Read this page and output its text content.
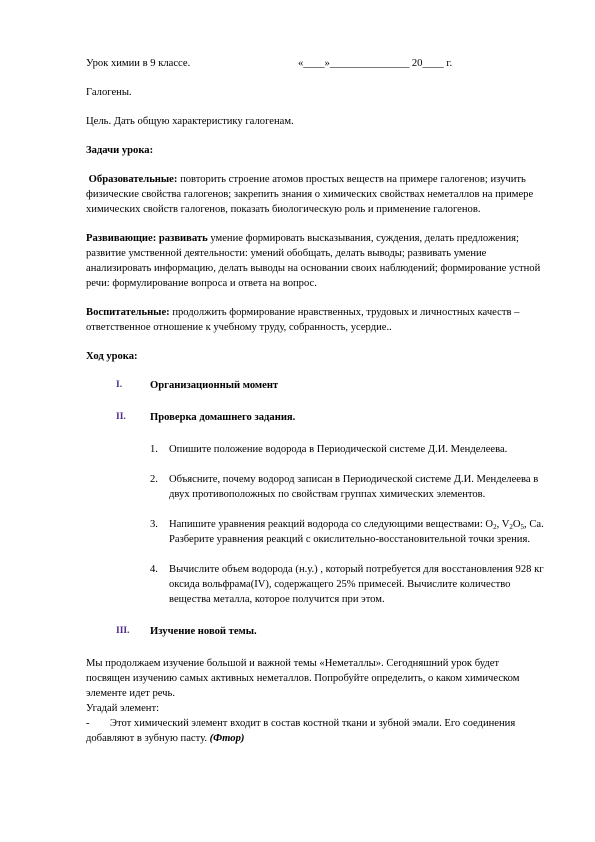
Урок химии в 9 классе.	«____»_______________ 20____ г.

Галогены.

Цель. Дать общую характеристику галогенам.

Задачи урока:

Образовательные: повторить строение атомов простых веществ на примере галогенов; изучить физические свойства галогенов; закрепить знания о химических свойствах неметаллов на примере химических свойств галогенов, показать биологическую роль и применение галогенов.

Развивающие: развивать умение формировать высказывания, суждения, делать предложения; развитие умственной деятельности: умений обобщать, делать выводы; развивать умение анализировать информацию, делать выводы на основании своих наблюдений; формирование устной речи: формулирование вопроса и ответа на вопрос.

Воспитательные: продолжить формирование нравственных, трудовых и личностных качеств – ответственное отношение к учебному труду, собранность, усердие..

Ход урока:

I.	Организационный момент
II. Проверка домашнего задания.
1. Опишите положение водорода в Периодической системе Д.И. Менделеева.
2. Объясните, почему водород записан в Периодической системе Д.И. Менделеева в двух противоположных по свойствам группах химических элементов.
3. Напишите уравнения реакций водорода со следующими веществами: $O_2$, $V_2O_5$, Ca. Разберите уравнения реакций с окислительно-восстановительной точки зрения.
4. Вычислите объем водорода (н.у.) , который потребуется для восстановления 928 кг оксида вольфрама(IV), содержащего 25% примесей. Вычислите количество вещества металла, которое получится при этом.
III. Изучение новой темы.

Мы продолжаем изучение большой и важной темы «Неметаллы». Сегодняшний урок будет посвящен изучению самых активных неметаллов. Попробуйте определить, о каком химическом элементе идет речь.

Угадай элемент:

- Этот химический элемент входит в состав костной ткани и зубной эмали. Его соединения добавляют в зубную пасту. (Фтор)
